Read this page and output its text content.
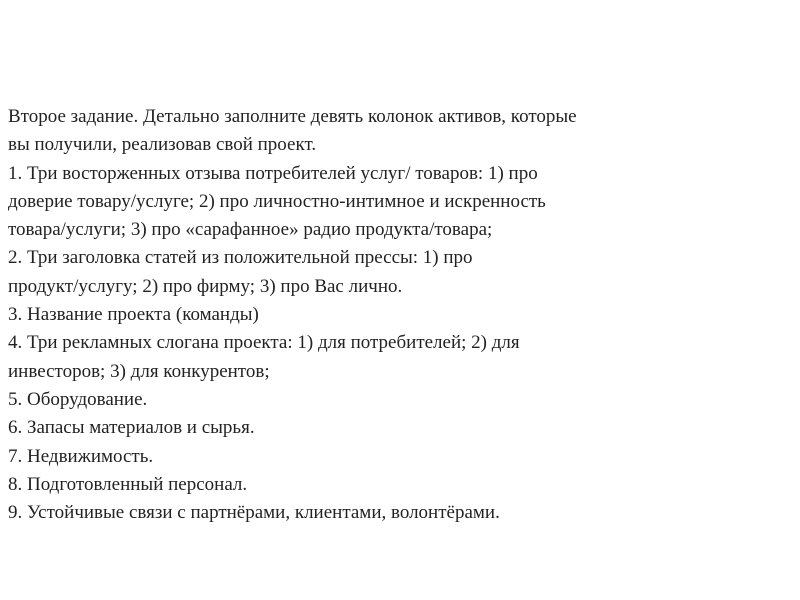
Второе задание. Детально заполните девять колонок активов, которые
вы получили, реализовав свой проект.
1. Три восторженных отзыва потребителей услуг/ товаров: 1) про
доверие товару/услуге; 2) про личностно-интимное и искренность
товара/услуги; 3) про «сарафанное» радио продукта/товара;
2. Три заголовка статей из положительной прессы: 1) про
продукт/услугу; 2) про фирму; 3) про Вас лично.
3. Название проекта (команды)
4. Три рекламных слогана проекта: 1) для потребителей; 2) для
инвесторов; 3) для конкурентов;
5. Оборудование.
6. Запасы материалов и сырья.
7. Недвижимость.
8. Подготовленный персонал.
9. Устойчивые связи с партнёрами, клиентами, волонтёрами.
